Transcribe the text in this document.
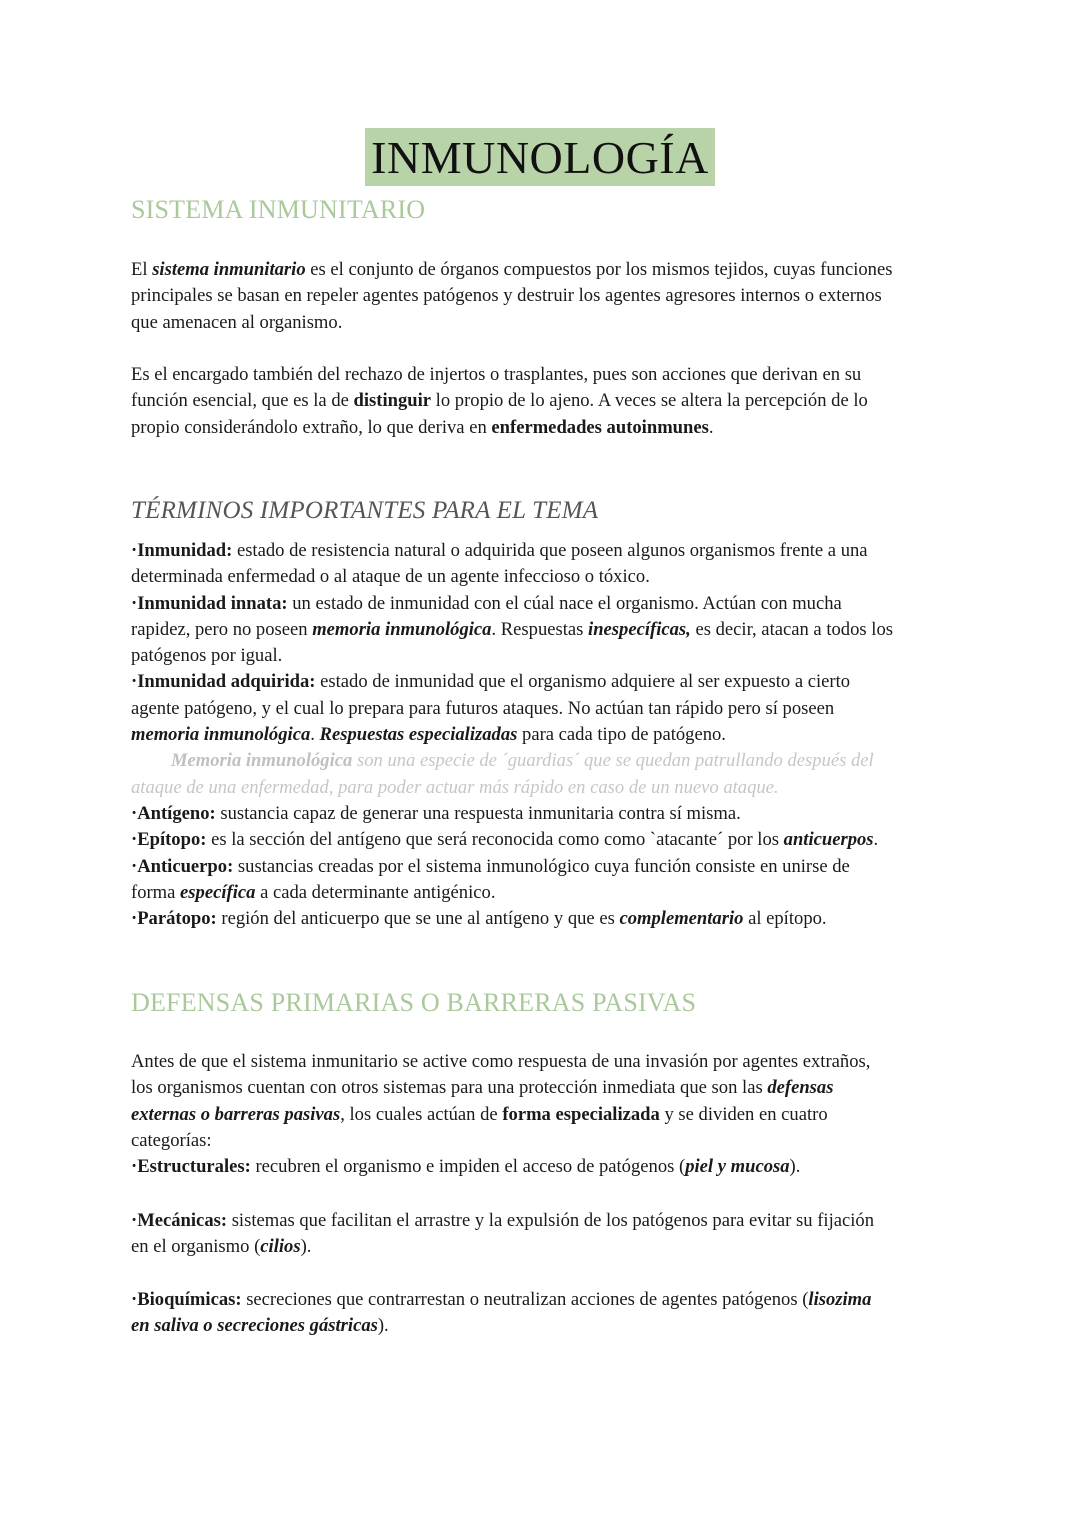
INMUNOLOGÍA
SISTEMA INMUNITARIO
El sistema inmunitario es el conjunto de órganos compuestos por los mismos tejidos, cuyas funciones
principales se basan en repeler agentes patógenos y destruir los agentes agresores internos o externos
que amenacen al organismo.
Es el encargado también del rechazo de injertos o trasplantes, pues son acciones que derivan en su
función esencial, que es la de distinguir lo propio de lo ajeno. A veces se altera la percepción de lo
propio considerándolo extraño, lo que deriva en enfermedades autoinmunes.
TÉRMINOS IMPORTANTES PARA EL TEMA
·Inmunidad: estado de resistencia natural o adquirida que poseen algunos organismos frente a una
determinada enfermedad o al ataque de un agente infeccioso o tóxico.
·Inmunidad innata: un estado de inmunidad con el cúal nace el organismo. Actúan con mucha
rapidez, pero no poseen memoria inmunológica. Respuestas inespecíficas, es decir, atacan a todos los
patógenos por igual.
·Inmunidad adquirida: estado de inmunidad que el organismo adquiere al ser expuesto a cierto
agente patógeno, y el cual lo prepara para futuros ataques. No actúan tan rápido pero sí poseen
memoria inmunológica. Respuestas especializadas para cada tipo de patógeno.
Memoria inmunológica son una especie de ´guardias´ que se quedan patrullando después del
ataque de una enfermedad, para poder actuar más rápido en caso de un nuevo ataque.
·Antígeno: sustancia capaz de generar una respuesta inmunitaria contra sí misma.
·Epítopo: es la sección del antígeno que será reconocida como como `atacante´ por los anticuerpos.
·Anticuerpo: sustancias creadas por el sistema inmunológico cuya función consiste en unirse de
forma específica a cada determinante antigénico.
·Parátopo: región del anticuerpo que se une al antígeno y que es complementario al epítopo.
DEFENSAS PRIMARIAS O BARRERAS PASIVAS
Antes de que el sistema inmunitario se active como respuesta de una invasión por agentes extraños,
los organismos cuentan con otros sistemas para una protección inmediata que son las defensas
externas o barreras pasivas, los cuales actúan de forma especializada y se dividen en cuatro
categorías:
·Estructurales: recubren el organismo e impiden el acceso de patógenos (piel y mucosa).
·Mecánicas: sistemas que facilitan el arrastre y la expulsión de los patógenos para evitar su fijación
en el organismo (cilios).
·Bioquímicas: secreciones que contrarrestan o neutralizan acciones de agentes patógenos (lisozima
en saliva o secreciones gástricas).
